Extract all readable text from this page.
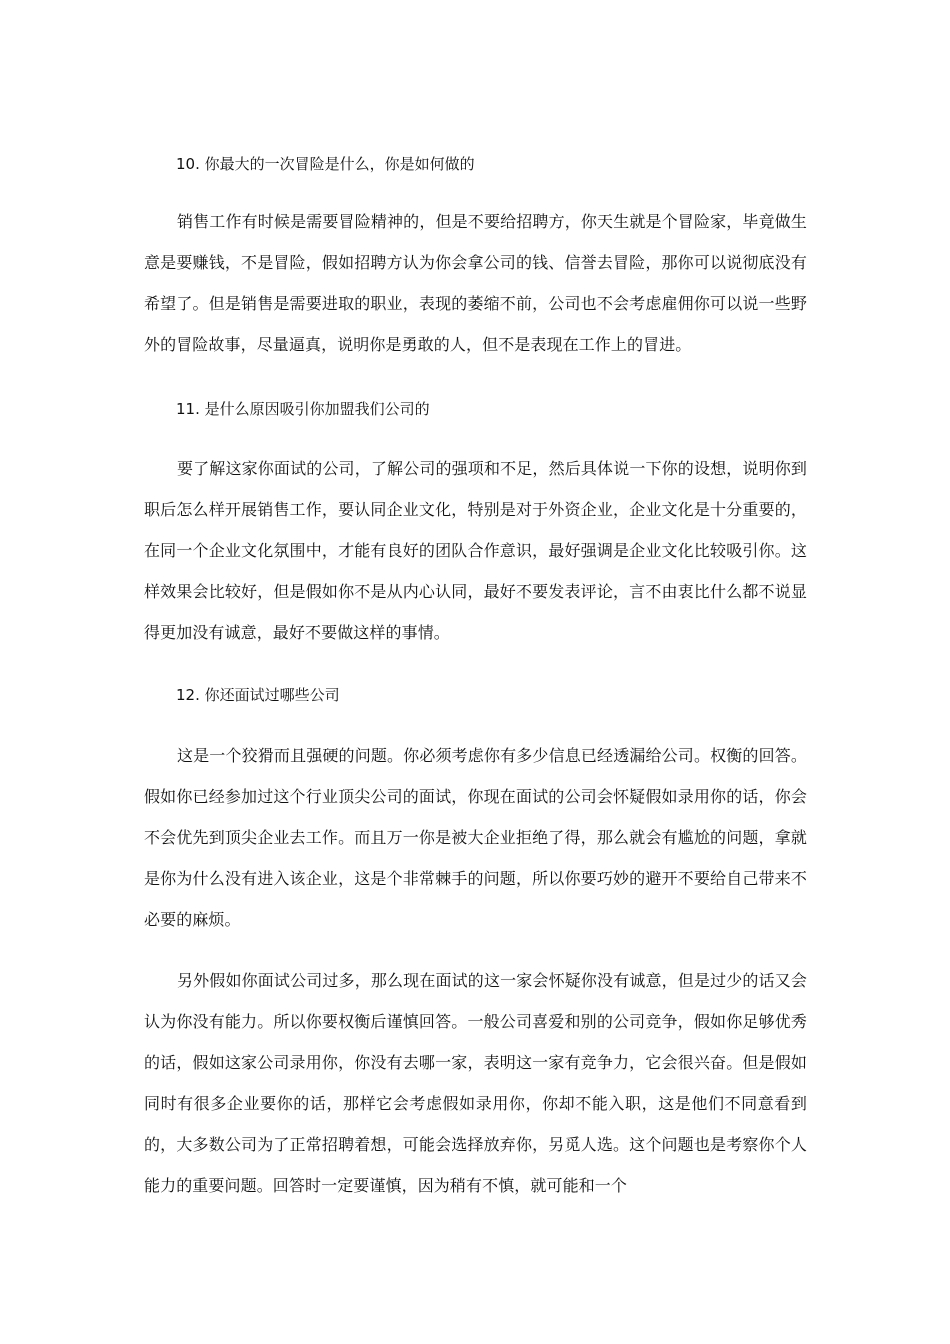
10. 你最大的一次冒险是什么，你是如何做的

销售工作有时候是需要冒险精神的，但是不要给招聘方，你天生就是个冒险家，毕竟做生意是要赚钱，不是冒险，假如招聘方认为你会拿公司的钱、信誉去冒险，那你可以说彻底没有希望了。但是销售是需要进取的职业，表现的萎缩不前，公司也不会考虑雇佣你可以说一些野外的冒险故事，尽量逼真，说明你是勇敢的人，但不是表现在工作上的冒进。

11. 是什么原因吸引你加盟我们公司的

要了解这家你面试的公司，了解公司的强项和不足，然后具体说一下你的设想，说明你到职后怎么样开展销售工作，要认同企业文化，特别是对于外资企业，企业文化是十分重要的，在同一个企业文化氛围中，才能有良好的团队合作意识，最好强调是企业文化比较吸引你。这样效果会比较好，但是假如你不是从内心认同，最好不要发表评论，言不由衷比什么都不说显得更加没有诚意，最好不要做这样的事情。

12. 你还面试过哪些公司

这是一个狡猾而且强硬的问题。你必须考虑你有多少信息已经透漏给公司。权衡的回答。假如你已经参加过这个行业顶尖公司的面试，你现在面试的公司会怀疑假如录用你的话，你会不会优先到顶尖企业去工作。而且万一你是被大企业拒绝了得，那么就会有尴尬的问题，拿就是你为什么没有进入该企业，这是个非常棘手的问题，所以你要巧妙的避开不要给自己带来不必要的麻烦。

另外假如你面试公司过多，那么现在面试的这一家会怀疑你没有诚意，但是过少的话又会认为你没有能力。所以你要权衡后谨慎回答。一般公司喜爱和别的公司竞争，假如你足够优秀的话，假如这家公司录用你，你没有去哪一家，表明这一家有竞争力，它会很兴奋。但是假如同时有很多企业要你的话，那样它会考虑假如录用你，你却不能入职，这是他们不同意看到的，大多数公司为了正常招聘着想，可能会选择放弃你，另觅人选。这个问题也是考察你个人能力的重要问题。回答时一定要谨慎，因为稍有不慎，就可能和一个
